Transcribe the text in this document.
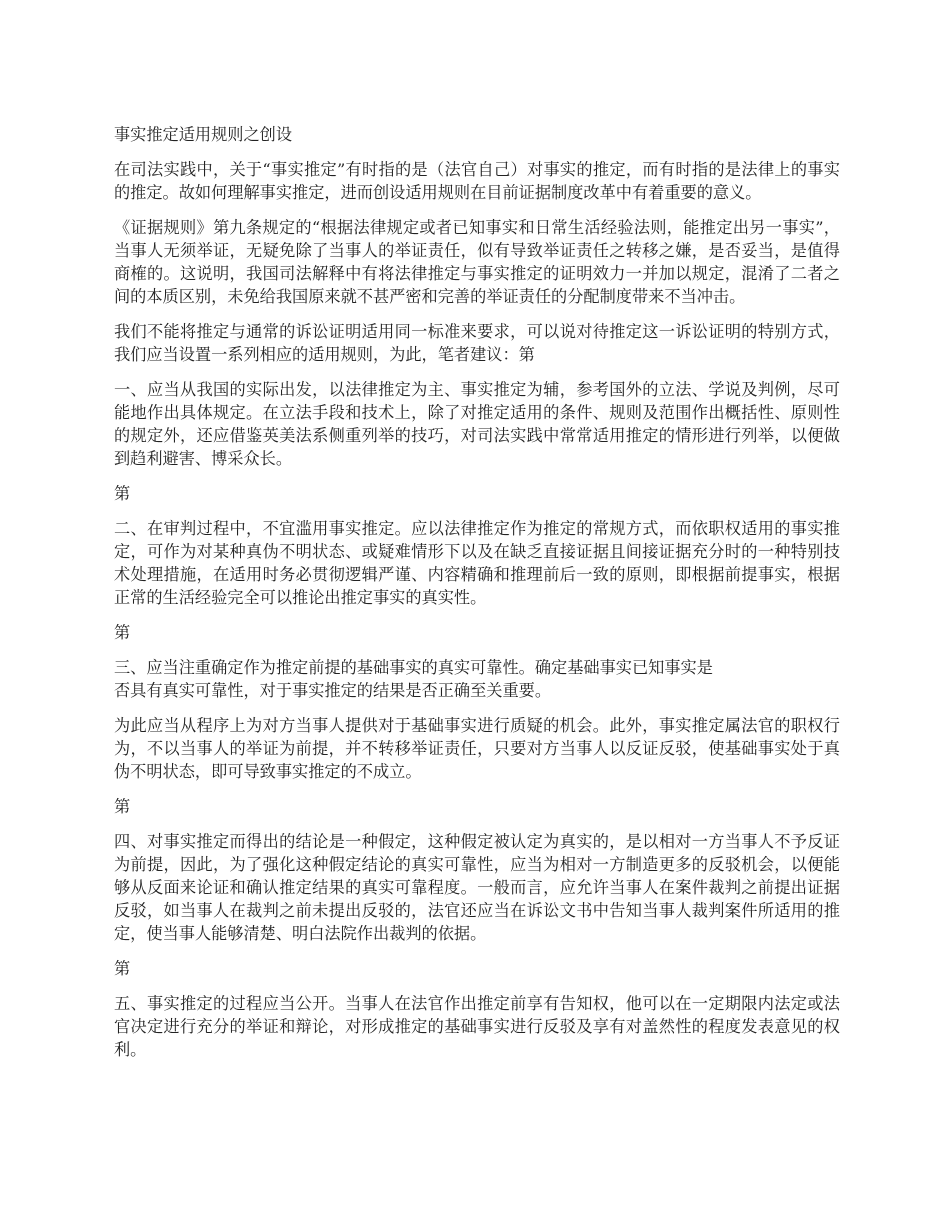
事实推定适用规则之创设

在司法实践中，关于“事实推定”有时指的是（法官自己）对事实的推定，而有时指的是法律上的事实的推定。故如何理解事实推定，进而创设适用规则在目前证据制度改革中有着重要的意义。

《证据规则》第九条规定的“根据法律规定或者已知事实和日常生活经验法则，能推定出另一事实”，当事人无须举证，无疑免除了当事人的举证责任，似有导致举证责任之转移之嫌，是否妥当，是值得商榷的。这说明，我国司法解释中有将法律推定与事实推定的证明效力一并加以规定，混淆了二者之间的本质区别，未免给我国原来就不甚严密和完善的举证责任的分配制度带来不当冲击。

我们不能将推定与通常的诉讼证明适用同一标准来要求，可以说对待推定这一诉讼证明的特别方式，我们应当设置一系列相应的适用规则，为此，笔者建议：第

一、应当从我国的实际出发，以法律推定为主、事实推定为辅，参考国外的立法、学说及判例，尽可能地作出具体规定。在立法手段和技术上，除了对推定适用的条件、规则及范围作出概括性、原则性的规定外，还应借鉴英美法系侧重列举的技巧，对司法实践中常常适用推定的情形进行列举，以便做到趋利避害、博采众长。

第

二、在审判过程中，不宜滥用事实推定。应以法律推定作为推定的常规方式，而依职权适用的事实推定，可作为对某种真伪不明状态、或疑难情形下以及在缺乏直接证据且间接证据充分时的一种特别技术处理措施，在适用时务必贯彻逻辑严谨、内容精确和推理前后一致的原则，即根据前提事实，根据正常的生活经验完全可以推论出推定事实的真实性。

第

三、应当注重确定作为推定前提的基础事实的真实可靠性。确定基础事实已知事实是

否具有真实可靠性，对于事实推定的结果是否正确至关重要。

为此应当从程序上为对方当事人提供对于基础事实进行质疑的机会。此外，事实推定属法官的职权行为，不以当事人的举证为前提，并不转移举证责任，只要对方当事人以反证反驳，使基础事实处于真伪不明状态，即可导致事实推定的不成立。

第

四、对事实推定而得出的结论是一种假定，这种假定被认定为真实的，是以相对一方当事人不予反证为前提，因此，为了强化这种假定结论的真实可靠性，应当为相对一方制造更多的反驳机会，以便能够从反面来论证和确认推定结果的真实可靠程度。一般而言，应允许当事人在案件裁判之前提出证据反驳，如当事人在裁判之前未提出反驳的，法官还应当在诉讼文书中告知当事人裁判案件所适用的推定，使当事人能够清楚、明白法院作出裁判的依据。

第

五、事实推定的过程应当公开。当事人在法官作出推定前享有告知权，他可以在一定期限内法定或法官决定进行充分的举证和辩论，对形成推定的基础事实进行反驳及享有对盖然性的程度发表意见的权利。
